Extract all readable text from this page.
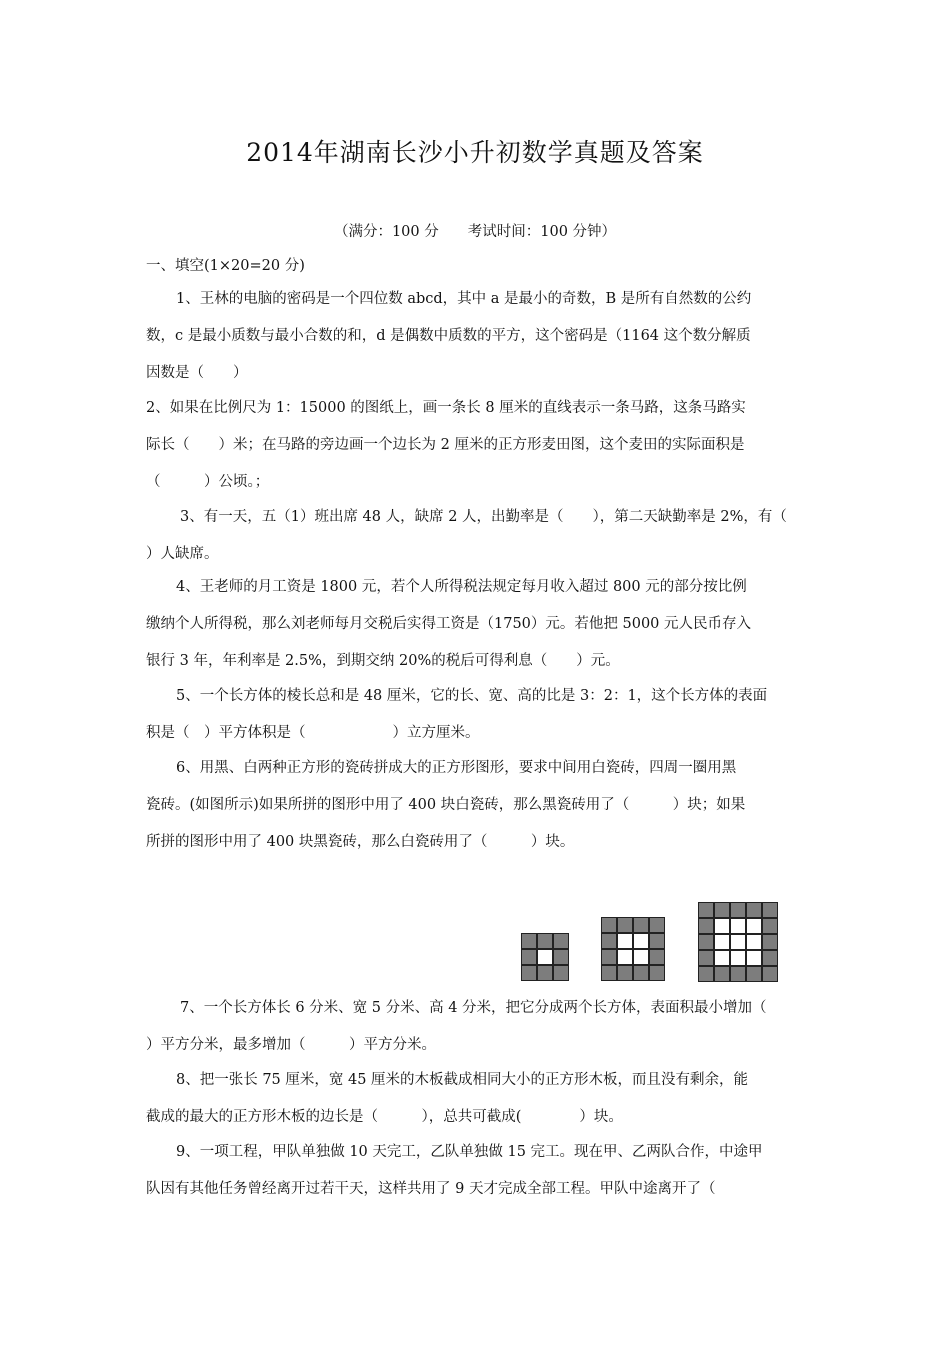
2014年湖南长沙小升初数学真题及答案
（满分：100 分　　考试时间：100 分钟）
一、填空(1×20=20 分)
1、王林的电脑的密码是一个四位数 abcd，其中 a 是最小的奇数，B 是所有自然数的公约
数，c 是最小质数与最小合数的和，d 是偶数中质数的平方，这个密码是（1164 这个数分解质
因数是（　　）
2、如果在比例尺为 1：15000 的图纸上，画一条长 8 厘米的直线表示一条马路，这条马路实
际长（　　）米；在马路的旁边画一个边长为 2 厘米的正方形麦田图，这个麦田的实际面积是
（　　　）公顷。；
3、有一天，五（1）班出席 48 人，缺席 2 人，出勤率是（　　），第二天缺勤率是 2%，有（
）人缺席。
4、王老师的月工资是 1800 元，若个人所得税法规定每月收入超过 800 元的部分按比例
缴纳个人所得税，那么刘老师每月交税后实得工资是（1750）元。若他把 5000 元人民币存入
银行 3 年，年利率是 2.5%，到期交纳 20%的税后可得利息（　　）元。
5、一个长方体的棱长总和是 48 厘米，它的长、宽、高的比是 3：2：1，这个长方体的表面
积是（　）平方体积是（　　　　　　）立方厘米。
6、用黑、白两种正方形的瓷砖拼成大的正方形图形，要求中间用白瓷砖，四周一圈用黑
瓷砖。(如图所示)如果所拼的图形中用了 400 块白瓷砖，那么黑瓷砖用了（　　　）块；如果
所拼的图形中用了 400 块黑瓷砖，那么白瓷砖用了（　　　）块。
7、一个长方体长 6 分米、宽 5 分米、高 4 分米，把它分成两个长方体，表面积最小增加（
）平方分米，最多增加（　　　）平方分米。
8、把一张长 75 厘米，宽 45 厘米的木板截成相同大小的正方形木板，而且没有剩余，能
截成的最大的正方形木板的边长是（　　　），总共可截成(　　　　）块。
9、一项工程，甲队单独做 10 天完工，乙队单独做 15 完工。现在甲、乙两队合作，中途甲
队因有其他任务曾经离开过若干天，这样共用了 9 天才完成全部工程。甲队中途离开了（
